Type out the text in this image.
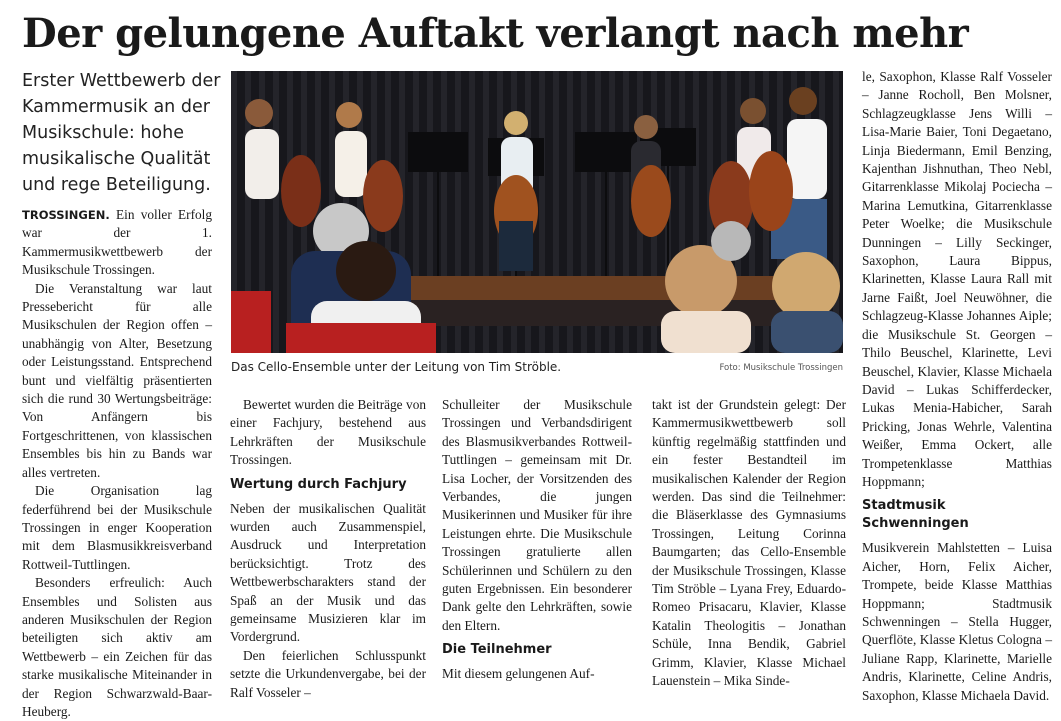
Der gelungene Auftakt verlangt nach mehr
Erster Wettbewerb der Kammermusik an der Musikschule: hohe musikalische Qualität und rege Beteiligung.

TROSSINGEN. Ein voller Erfolg war der 1. Kammermusikwettbewerb der Musikschule Trossingen.

Die Veranstaltung war laut Pressebericht für alle Musikschulen der Region offen – unabhängig von Alter, Besetzung oder Leistungsstand. Entsprechend bunt und vielfältig präsentierten sich die rund 30 Wertungsbeiträge: Von Anfängern bis Fortgeschrittenen, von klassischen Ensembles bis hin zu Bands war alles vertreten.

Die Organisation lag federführend bei der Musikschule Trossingen in enger Kooperation mit dem Blasmusikkreisverband Rottweil-Tuttlingen.

Besonders erfreulich: Auch Ensembles und Solisten aus anderen Musikschulen der Region beteiligten sich aktiv am Wettbewerb – ein Zeichen für das starke musikalische Miteinander in der Region Schwarzwald-Baar-Heuberg.

Das Cello-Ensemble unter der Leitung von Tim Ströble.	Foto: Musikschule Trossingen

Bewertet wurden die Beiträge von einer Fachjury, bestehend aus Lehrkräften der Musikschule Trossingen.

Wertung durch Fachjury

Neben der musikalischen Qualität wurden auch Zusammenspiel, Ausdruck und Interpretation berücksichtigt. Trotz des Wettbewerbscharakters stand der Spaß an der Musik und das gemeinsame Musizieren klar im Vordergrund.

Den feierlichen Schlusspunkt setzte die Urkundenvergabe, bei der Ralf Vosseler –

Schulleiter der Musikschule Trossingen und Verbandsdirigent des Blasmusikverbandes Rottweil-Tuttlingen – gemeinsam mit Dr. Lisa Locher, der Vorsitzenden des Verbandes, die jungen Musikerinnen und Musiker für ihre Leistungen ehrte. Die Musikschule Trossingen gratulierte allen Schülerinnen und Schülern zu den guten Ergebnissen. Ein besonderer Dank gelte den Lehrkräften, sowie den Eltern.

Die Teilnehmer

Mit diesem gelungenen Auf-

takt ist der Grundstein gelegt: Der Kammermusikwettbewerb soll künftig regelmäßig stattfinden und ein fester Bestandteil im musikalischen Kalender der Region werden. Das sind die Teilnehmer: die Bläserklasse des Gymnasiums Trossingen, Leitung Corinna Baumgarten; das Cello-Ensemble der Musikschule Trossingen, Klasse Tim Ströble – Lyana Frey, Eduardo-Romeo Prisacaru, Klavier, Klasse Katalin Theologitis – Jonathan Schüle, Inna Bendik, Gabriel Grimm, Klavier, Klasse Michael Lauenstein – Mika Sinde-

le, Saxophon, Klasse Ralf Vosseler – Janne Rocholl, Ben Molsner, Schlagzeugklasse Jens Willi – Lisa-Marie Baier, Toni Degaetano, Linja Biedermann, Emil Benzing, Kajenthan Jishnuthan, Theo Nebl, Gitarrenklasse Mikolaj Pociecha – Marina Lemutkina, Gitarrenklasse Peter Woelke; die Musikschule Dunningen – Lilly Seckinger, Saxophon, Laura Bippus, Klarinetten, Klasse Laura Rall mit Jarne Faißt, Joel Neuwöhner, die Schlagzeug-Klasse Johannes Aiple; die Musikschule St. Georgen – Thilo Beuschel, Klarinette, Levi Beuschel, Klavier, Klasse Michaela David – Lukas Schifferdecker, Lukas Menia-Habicher, Sarah Pricking, Jonas Wehrle, Valentina Weißer, Emma Ockert, alle Trompetenklasse Matthias Hoppmann;

Stadtmusik Schwenningen

Musikverein Mahlstetten – Luisa Aicher, Horn, Felix Aicher, Trompete, beide Klasse Matthias Hoppmann; Stadtmusik Schwenningen – Stella Hugger, Querflöte, Klasse Kletus Cologna – Juliane Rapp, Klarinette, Marielle Andris, Klarinette, Celine Andris, Saxophon, Klasse Michaela David.
